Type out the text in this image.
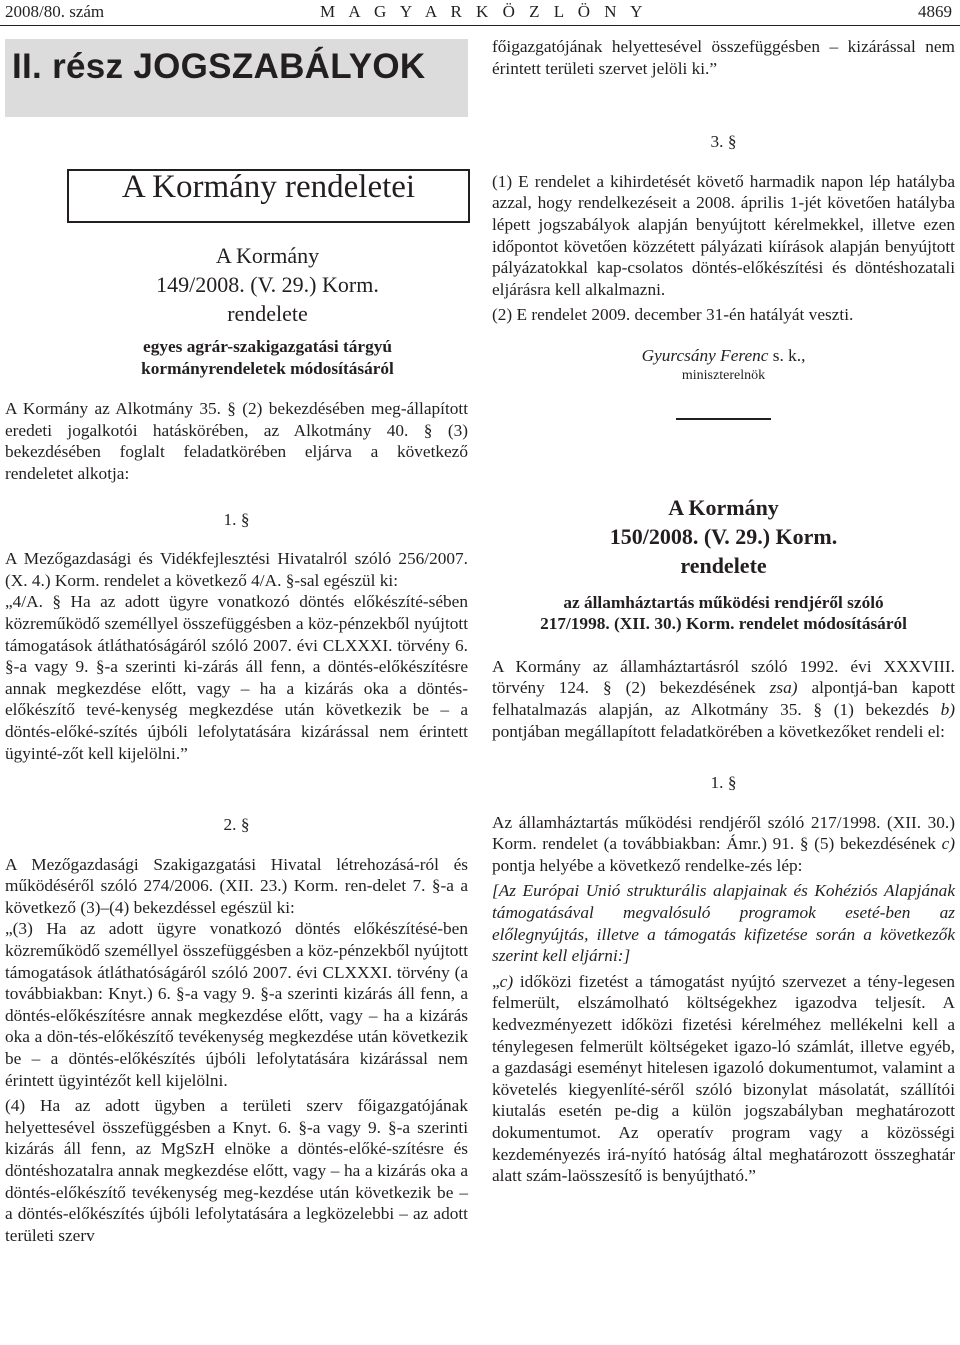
2008/80. szám	M A G Y A R K Ö Z L Ö N Y	4869
II. rész JOGSZABÁLYOK
A Kormány rendeletei
A Kormány
149/2008. (V. 29.) Korm.
rendelete
egyes agrár-szakigazgatási tárgyú
kormányrendeletek módosításáról

A Kormány az Alkotmány 35. § (2) bekezdésében meg-állapított eredeti jogalkotói hatáskörében, az Alkotmány 40. § (3) bekezdésében foglalt feladatkörében eljárva a következő rendeletet alkotja:

1. §

A Mezőgazdasági és Vidékfejlesztési Hivatalról szóló 256/2007. (X. 4.) Korm. rendelet a következő 4/A. §-sal egészül ki:

„4/A. § Ha az adott ügyre vonatkozó döntés előkészíté-sében közreműködő személlyel összefüggésben a köz-pénzekből nyújtott támogatások átláthatóságáról szóló 2007. évi CLXXXI. törvény 6. §-a vagy 9. §-a szerinti ki-zárás áll fenn, a döntés-előkészítésre annak megkezdése előtt, vagy – ha a kizárás oka a döntés-előkészítő tevé-kenység megkezdése után következik be – a döntés-előké-szítés újbóli lefolytatására kizárással nem érintett ügyinté-zőt kell kijelölni.”

2. §

A Mezőgazdasági Szakigazgatási Hivatal létrehozásá-ról és működéséről szóló 274/2006. (XII. 23.) Korm. ren-delet 7. §-a a következő (3)–(4) bekezdéssel egészül ki:

„(3) Ha az adott ügyre vonatkozó döntés előkészítésé-ben közreműködő személlyel összefüggésben a köz-pénzekből nyújtott támogatások átláthatóságáról szóló 2007. évi CLXXXI. törvény (a továbbiakban: Knyt.) 6. §-a vagy 9. §-a szerinti kizárás áll fenn, a döntés-előkészítésre annak megkezdése előtt, vagy – ha a kizárás oka a dön-tés-előkészítő tevékenység megkezdése után következik be – a döntés-előkészítés újbóli lefolytatására kizárással nem érintett ügyintézőt kell kijelölni.

(4) Ha az adott ügyben a területi szerv főigazgatójának helyettesével összefüggésben a Knyt. 6. §-a vagy 9. §-a szerinti kizárás áll fenn, az MgSzH elnöke a döntés-előké-szítésre és döntéshozatalra annak megkezdése előtt, vagy – ha a kizárás oka a döntés-előkészítő tevékenység meg-kezdése után következik be – a döntés-előkészítés újbóli lefolytatására a legközelebbi – az adott területi szerv

főigazgatójának helyettesével összefüggésben – kizárással nem érintett területi szervet jelöli ki.”

3. §

(1) E rendelet a kihirdetését követő harmadik napon lép hatályba azzal, hogy rendelkezéseit a 2008. április 1-jét követően hatályba lépett jogszabályok alapján benyújtott kérelmekkel, illetve ezen időpontot követően közzétett pályázati kiírások alapján benyújtott pályázatokkal kap-csolatos döntés-előkészítési és döntéshozatali eljárásra kell alkalmazni.

(2) E rendelet 2009. december 31-én hatályát veszti.

Gyurcsány Ferenc s. k.,
miniszterelnök
A Kormány
150/2008. (V. 29.) Korm.
rendelete
az államháztartás működési rendjéről szóló
217/1998. (XII. 30.) Korm. rendelet módosításáról

A Kormány az államháztartásról szóló 1992. évi XXXVIII. törvény 124. § (2) bekezdésének zsa) alpontjá-ban kapott felhatalmazás alapján, az Alkotmány 35. § (1) bekezdés b) pontjában megállapított feladatkörében a következőket rendeli el:

1. §

Az államháztartás működési rendjéről szóló 217/1998. (XII. 30.) Korm. rendelet (a továbbiakban: Ámr.) 91. § (5) bekezdésének c) pontja helyébe a következő rendelke-zés lép:

[Az Európai Unió strukturális alapjainak és Kohéziós Alapjának támogatásával megvalósuló programok eseté-ben az előlegnyújtás, illetve a támogatás kifizetése során a következők szerint kell eljárni:]

„c) időközi fizetést a támogatást nyújtó szervezet a tény-legesen felmerült, elszámolható költségekhez igazodva teljesít. A kedvezményezett időközi fizetési kérelméhez mellékelni kell a ténylegesen felmerült költségeket igazo-ló számlát, illetve egyéb, a gazdasági eseményt hitelesen igazoló dokumentumot, valamint a követelés kiegyenlíté-séről szóló bizonylat másolatát, szállítói kiutalás esetén pe-dig a külön jogszabályban meghatározott dokumentumot. Az operatív program vagy a közösségi kezdeményezés irá-nyító hatóság által meghatározott összeghatár alatt szám-laösszesítő is benyújtható.”
